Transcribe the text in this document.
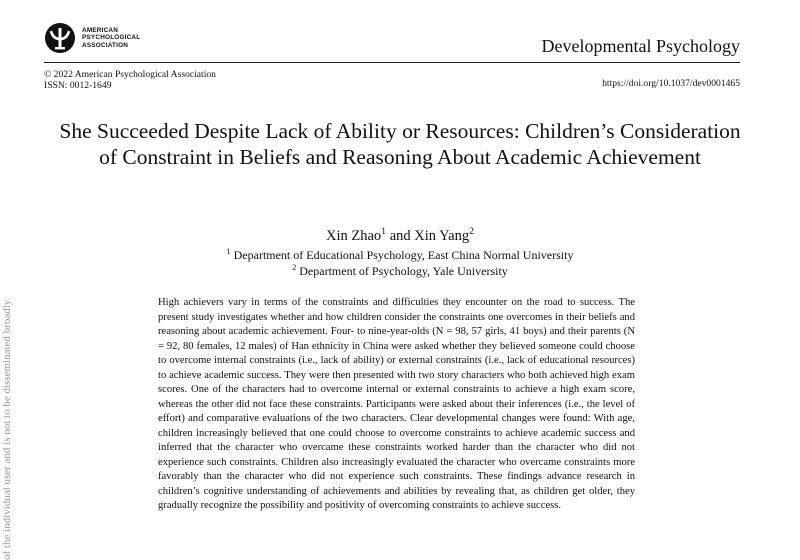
AMERICAN
PSYCHOLOGICAL
ASSOCIATION	Developmental Psychology
© 2022 American Psychological Association
ISSN: 0012-1649	https://doi.org/10.1037/dev0001465
of the individual user and is not to be disseminated broadly.
She Succeeded Despite Lack of Ability or Resources: Children’s Consideration of Constraint in Beliefs and Reasoning About Academic Achievement
Xin Zhao$^1$ and Xin Yang$^2$
$^1$ Department of Educational Psychology, East China Normal University
$^2$ Department of Psychology, Yale University
High achievers vary in terms of the constraints and difficulties they encounter on the road to success. The present study investigates whether and how children consider the constraints one overcomes in their beliefs and reasoning about academic achievement. Four- to nine-year-olds (N = 98, 57 girls, 41 boys) and their parents (N = 92, 80 females, 12 males) of Han ethnicity in China were asked whether they believed someone could choose to overcome internal constraints (i.e., lack of ability) or external constraints (i.e., lack of educational resources) to achieve academic success. They were then presented with two story characters who both achieved high exam scores. One of the characters had to overcome internal or external constraints to achieve a high exam score, whereas the other did not face these constraints. Participants were asked about their inferences (i.e., the level of effort) and comparative evaluations of the two characters. Clear developmental changes were found: With age, children increasingly believed that one could choose to overcome constraints to achieve academic success and inferred that the character who overcame these constraints worked harder than the character who did not experience such constraints. Children also increasingly evaluated the character who overcame constraints more favorably than the character who did not experience such constraints. These findings advance research in children’s cognitive understanding of achievements and abilities by revealing that, as children get older, they gradually recognize the possibility and positivity of overcoming constraints to achieve success.
